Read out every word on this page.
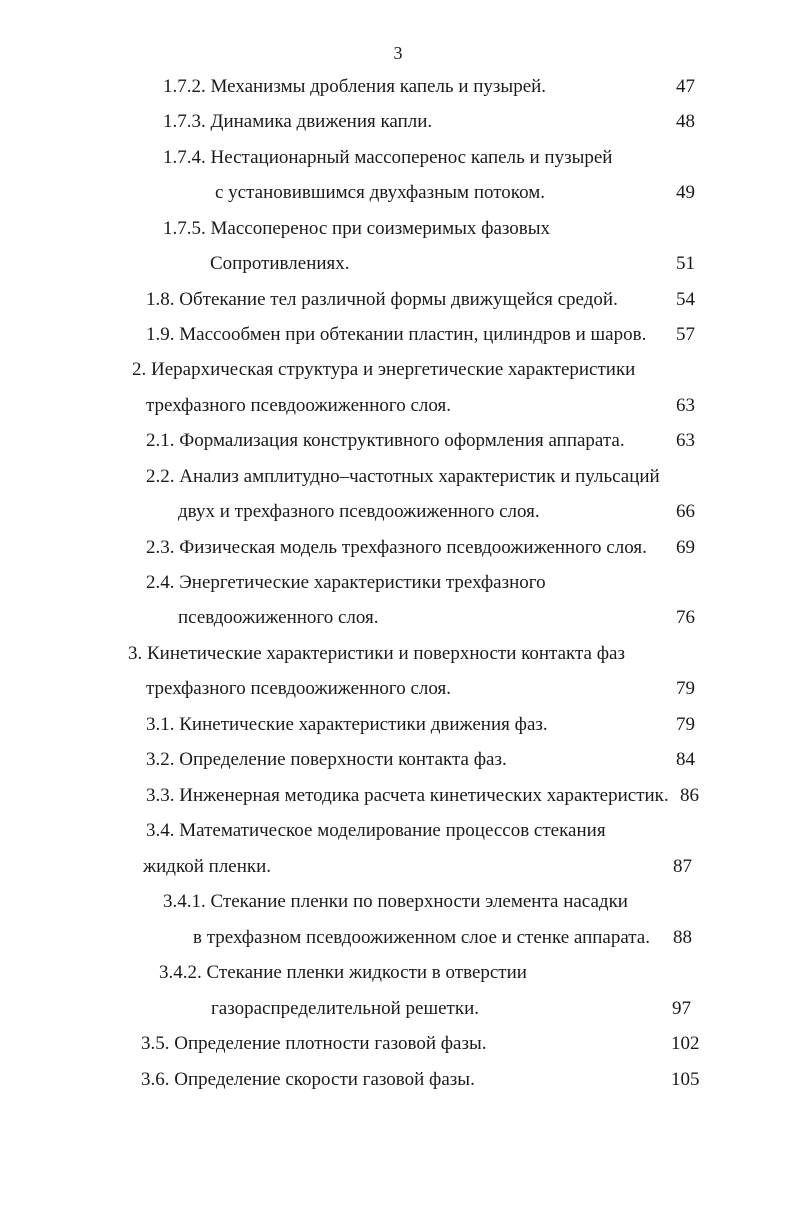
3
1.7.2. Механизмы дробления капель и пузырей.	47
1.7.3. Динамика движения капли.	48
1.7.4. Нестационарный массоперенос капель и пузырей
с установившимся двухфазным потоком.	49
1.7.5. Массоперенос при соизмеримых фазовых
Сопротивлениях.	51
1.8. Обтекание тел различной формы движущейся средой.	54
1.9. Массообмен при обтекании пластин, цилиндров и шаров. 57
2. Иерархическая структура и энергетические характеристики
трехфазного псевдоожиженного слоя.	63
2.1. Формализация конструктивного оформления аппарата.	63
2.2. Анализ амплитудно–частотных характеристик и пульсаций
двух и трехфазного псевдоожиженного слоя.	66
2.3. Физическая модель трехфазного псевдоожиженного слоя. 69
2.4. Энергетические характеристики трехфазного
псевдоожиженного слоя.	76
3. Кинетические характеристики и поверхности контакта фаз
трехфазного псевдоожиженного слоя.	79
3.1. Кинетические характеристики движения фаз.	79
3.2. Определение поверхности контакта фаз.	84
3.3. Инженерная методика расчета кинетических характеристик. 86
3.4. Математическое моделирование процессов стекания
жидкой пленки.	87
3.4.1. Стекание пленки по поверхности элемента насадки
в трехфазном псевдоожиженном слое и стенке аппарата. 88
3.4.2. Стекание пленки жидкости в отверстии
газораспределительной решетки.	97
3.5. Определение плотности газовой фазы.	102
3.6. Определение скорости газовой фазы.	105
